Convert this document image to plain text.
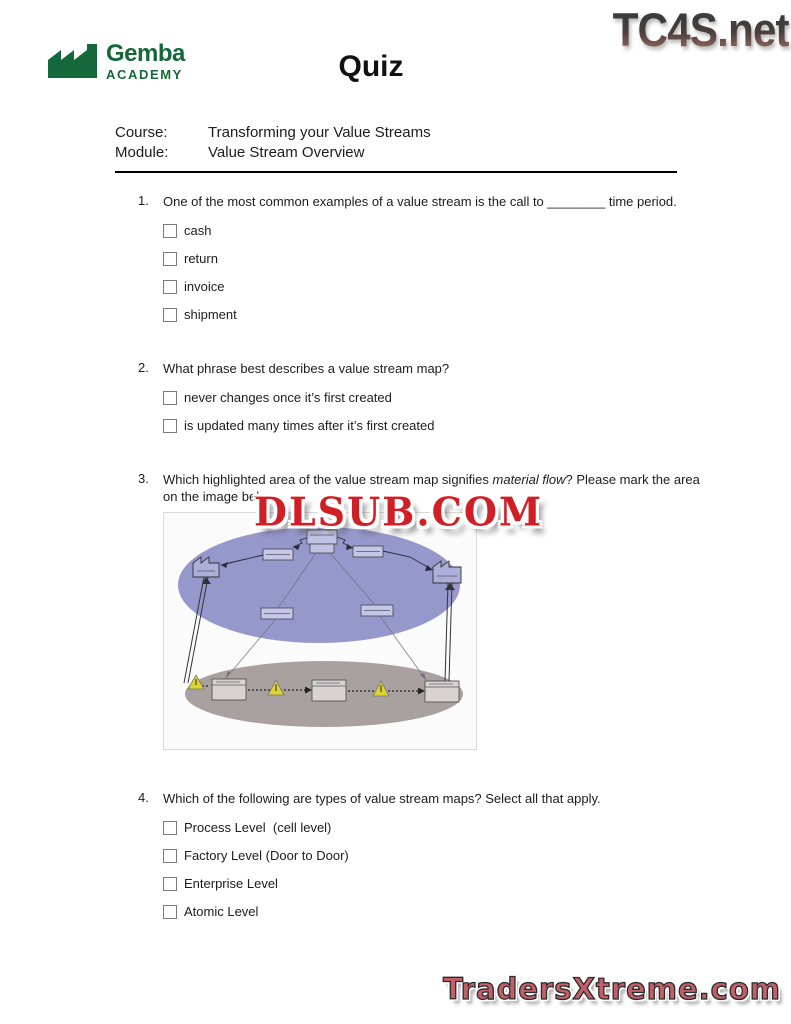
Gemba
ACADEMY	Quiz
TC4S.net
Course:	Transforming your Value Streams
Module:	Value Stream Overview
1. One of the most common examples of a value stream is the call to ________ time period.
cash
return
invoice
shipment
2. What phrase best describes a value stream map?
never changes once it’s first created
is updated many times after it’s first created
3. Which highlighted area of the value stream map signifies material flow? Please mark the area on the image below.
DLSUB.COM
4. Which of the following are types of value stream maps? Select all that apply.
Process Level  (cell level)
Factory Level (Door to Door)
Enterprise Level
Atomic Level
TradersXtreme.com
